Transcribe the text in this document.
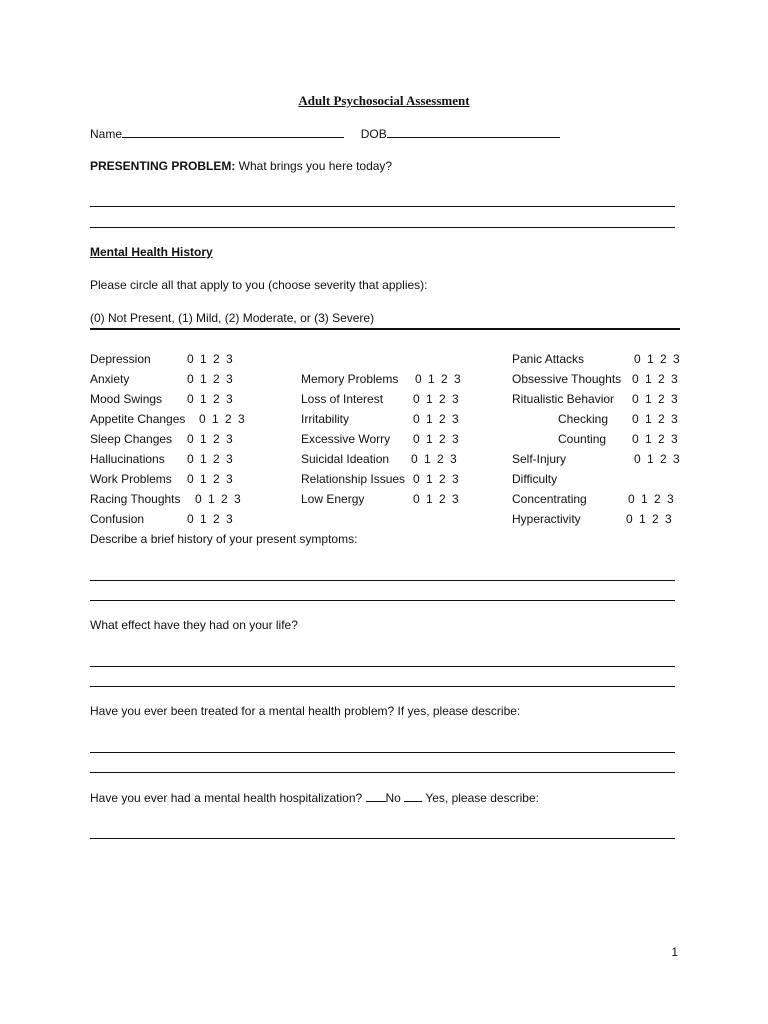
Adult Psychosocial Assessment
Name	DOB
PRESENTING PROBLEM: What brings you here today?
Mental Health History
Please circle all that apply to you (choose severity that applies):
(0) Not Present, (1) Mild, (2) Moderate, or (3) Severe)
Depression	0 1 2 3
Anxiety	0 1 2 3
Mood Swings 0 1 2 3
Appetite Changes 0 1 2 3
Sleep Changes 0 1 2 3
Hallucinations 0 1 2 3
Work Problems 0 1 2 3
Racing Thoughts 0 1 2 3
Confusion	0 1 2 3
Memory Problems 0 1 2 3
Loss of Interest 0 1 2 3
Irritability	0 1 2 3
Excessive Worry 0 1 2 3
Suicidal Ideation 0 1 2 3
Relationship Issues 0 1 2 3
Low Energy	0 1 2 3
Panic Attacks	0 1 2 3
Obsessive Thoughts 0 1 2 3
Ritualistic Behavior 0 1 2 3
Checking 0 1 2 3
Counting 0 1 2 3
Self-Injury	0 1 2 3
Difficulty
Concentrating	0 1 2 3
Hyperactivity	0 1 2 3
Describe a brief history of your present symptoms:
What effect have they had on your life?
Have you ever been treated for a mental health problem? If yes, please describe:
Have you ever had a mental health hospitalization? No  Yes, please describe:
1
